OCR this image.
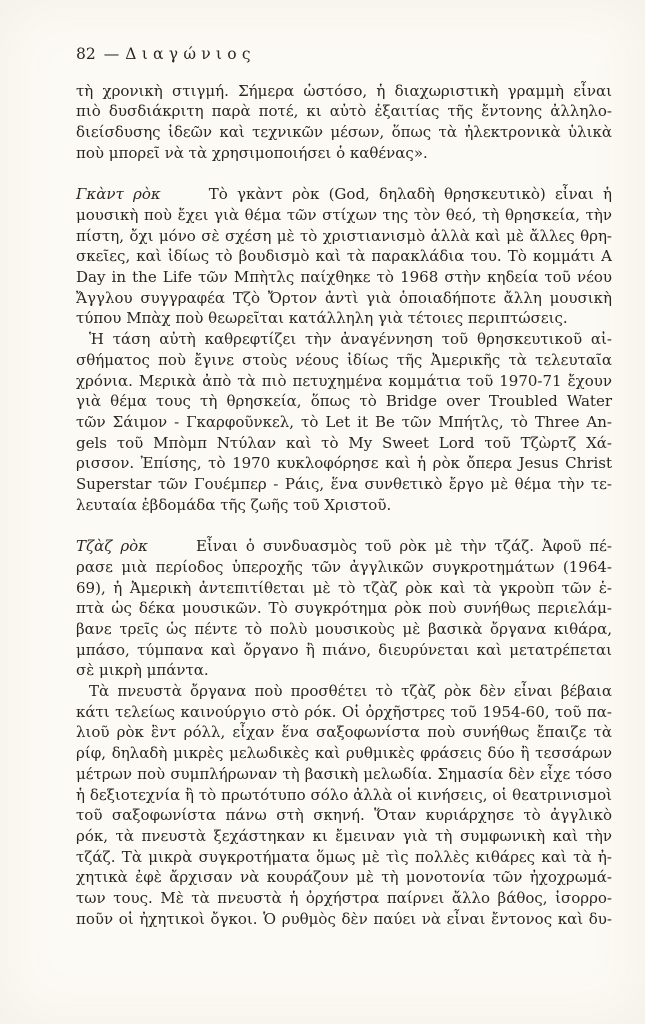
82 — Διαγώνιος
τὴ χρονικὴ στιγμή. Σήμερα ὡστόσο, ἡ διαχωριστικὴ γραμμὴ εἶναι
πιὸ δυσδιάκριτη παρὰ ποτέ, κι αὐτὸ ἐξαιτίας τῆς ἔντονης ἀλληλο-
διείσδυσης ἰδεῶν καὶ τεχνικῶν μέσων, ὅπως τὰ ἠλεκτρονικὰ ὑλικὰ
ποὺ μπορεῖ νὰ τὰ χρησιμοποιήσει ὁ καθένας».
Γκὰντ ρὸκ	Τὸ γκὰντ ρὸκ (God, δηλαδὴ θρησκευτικὸ) εἶναι ἡ
μουσικὴ ποὺ ἔχει γιὰ θέμα τῶν στίχων της τὸν θεό, τὴ θρησκεία, τὴν
πίστη, ὄχι μόνο σὲ σχέση μὲ τὸ χριστιανισμὸ ἀλλὰ καὶ μὲ ἄλλες θρη-
σκεῖες, καὶ ἰδίως τὸ βουδισμὸ καὶ τὰ παρακλάδια του. Τὸ κομμάτι A
Day in the Life τῶν Μπὴτλς παίχθηκε τὸ 1968 στὴν κηδεία τοῦ νέου
Ἄγγλου συγγραφέα Τζὸ Ὄρτον ἀντὶ γιὰ ὁποιαδήποτε ἄλλη μουσικὴ
τύπου Μπὰχ ποὺ θεωρεῖται κατάλληλη γιὰ τέτοιες περιπτώσεις.
Ἡ τάση αὐτὴ καθρεφτίζει τὴν ἀναγέννηση τοῦ θρησκευτικοῦ αἰ-
σθήματος ποὺ ἔγινε στοὺς νέους ἰδίως τῆς Ἀμερικῆς τὰ τελευταῖα
χρόνια. Μερικὰ ἀπὸ τὰ πιὸ πετυχημένα κομμάτια τοῦ 1970-71 ἔχουν
γιὰ θέμα τους τὴ θρησκεία, ὅπως τὸ Bridge over Troubled Water
τῶν Σάιμον - Γκαρφοῦνκελ, τὸ Let it Be τῶν Μπήτλς, τὸ Three An-
gels τοῦ Μπὸμπ Ντύλαν καὶ τὸ My Sweet Lord τοῦ Τζὼρτζ Χά-
ρισσον. Ἐπίσης, τὸ 1970 κυκλοφόρησε καὶ ἡ ρὸκ ὄπερα Jesus Christ
Superstar τῶν Γουέμπερ - Ράις, ἕνα συνθετικὸ ἔργο μὲ θέμα τὴν τε-
λευταία ἑβδομάδα τῆς ζωῆς τοῦ Χριστοῦ.
Τζὰζ ρὸκ	Εἶναι ὁ συνδυασμὸς τοῦ ρὸκ μὲ τὴν τζάζ. Ἀφοῦ πέ-
ρασε μιὰ περίοδος ὑπεροχῆς τῶν ἀγγλικῶν συγκροτημάτων (1964-
69), ἡ Ἀμερικὴ ἀντεπιτίθεται μὲ τὸ τζὰζ ρὸκ καὶ τὰ γκροὺπ τῶν ἑ-
πτὰ ὡς δέκα μουσικῶν. Τὸ συγκρότημα ρὸκ ποὺ συνήθως περιελάμ-
βανε τρεῖς ὡς πέντε τὸ πολὺ μουσικοὺς μὲ βασικὰ ὄργανα κιθάρα,
μπάσο, τύμπανα καὶ ὄργανο ἢ πιάνο, διευρύνεται καὶ μετατρέπεται
σὲ μικρὴ μπάντα.
Τὰ πνευστὰ ὄργανα ποὺ προσθέτει τὸ τζὰζ ρὸκ δὲν εἶναι βέβαια
κάτι τελείως καινούργιο στὸ ρόκ. Οἱ ὀρχῆστρες τοῦ 1954-60, τοῦ πα-
λιοῦ ρὸκ ἒντ ρόλλ, εἶχαν ἕνα σαξοφωνίστα ποὺ συνήθως ἔπαιζε τὰ
ρίφ, δηλαδὴ μικρὲς μελωδικὲς καὶ ρυθμικὲς φράσεις δύο ἢ τεσσάρων
μέτρων ποὺ συμπλήρωναν τὴ βασικὴ μελωδία. Σημασία δὲν εἶχε τόσο
ἡ δεξιοτεχνία ἢ τὸ πρωτότυπο σόλο ἀλλὰ οἱ κινήσεις, οἱ θεατρινισμοὶ
τοῦ σαξοφωνίστα πάνω στὴ σκηνή. Ὅταν κυριάρχησε τὸ ἀγγλικὸ
ρόκ, τὰ πνευστὰ ξεχάστηκαν κι ἔμειναν γιὰ τὴ συμφωνικὴ καὶ τὴν
τζάζ. Τὰ μικρὰ συγκροτήματα ὅμως μὲ τὶς πολλὲς κιθάρες καὶ τὰ ἠ-
χητικὰ ἐφὲ ἄρχισαν νὰ κουράζουν μὲ τὴ μονοτονία τῶν ἠχοχρωμά-
των τους. Μὲ τὰ πνευστὰ ἡ ὀρχήστρα παίρνει ἄλλο βάθος, ἰσορρο-
ποῦν οἱ ἠχητικοὶ ὄγκοι. Ὁ ρυθμὸς δὲν παύει νὰ εἶναι ἔντονος καὶ δυ-
